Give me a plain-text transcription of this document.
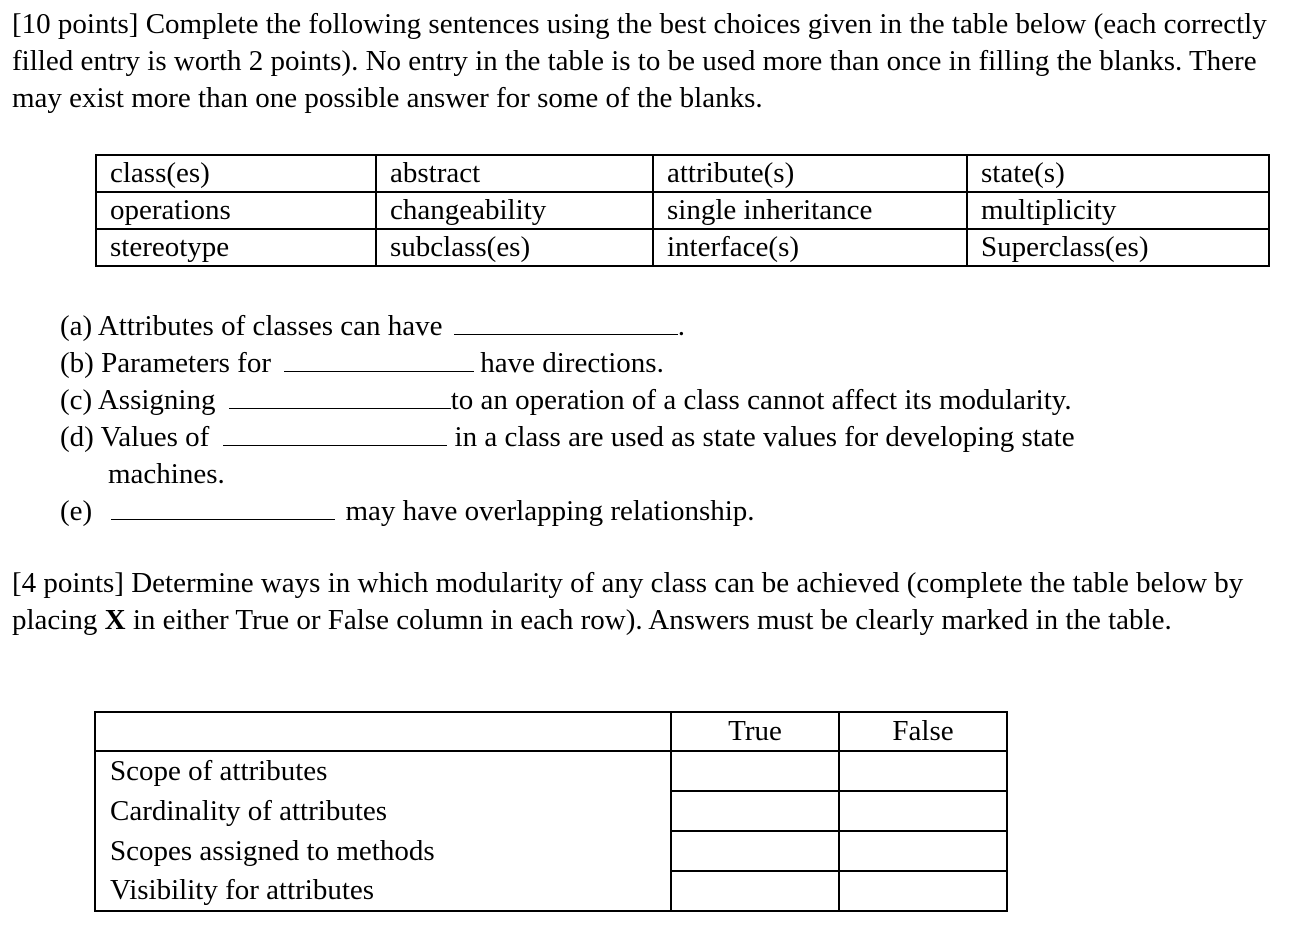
[10 points] Complete the following sentences using the best choices given in the table below (each correctly filled entry is worth 2 points). No entry in the table is to be used more than once in filling the blanks. There may exist more than one possible answer for some of the blanks.
class(es)	abstract	attribute(s)	state(s)
operations	changeability	single inheritance	multiplicity
stereotype	subclass(es)	interface(s)	Superclass(es)
(a) Attributes of classes can have	.
(b) Parameters for	have directions.
(c) Assigning	to an operation of a class cannot affect its modularity.
(d) Values of	in a class are used as state values for developing state
machines.
(e)	may have overlapping relationship.
[4 points] Determine ways in which modularity of any class can be achieved (complete the table below by placing X in either True or False column in each row). Answers must be clearly marked in the table.
	True	False
Scope of attributes		
Cardinality of attributes		
Scopes assigned to methods		
Visibility for attributes		
